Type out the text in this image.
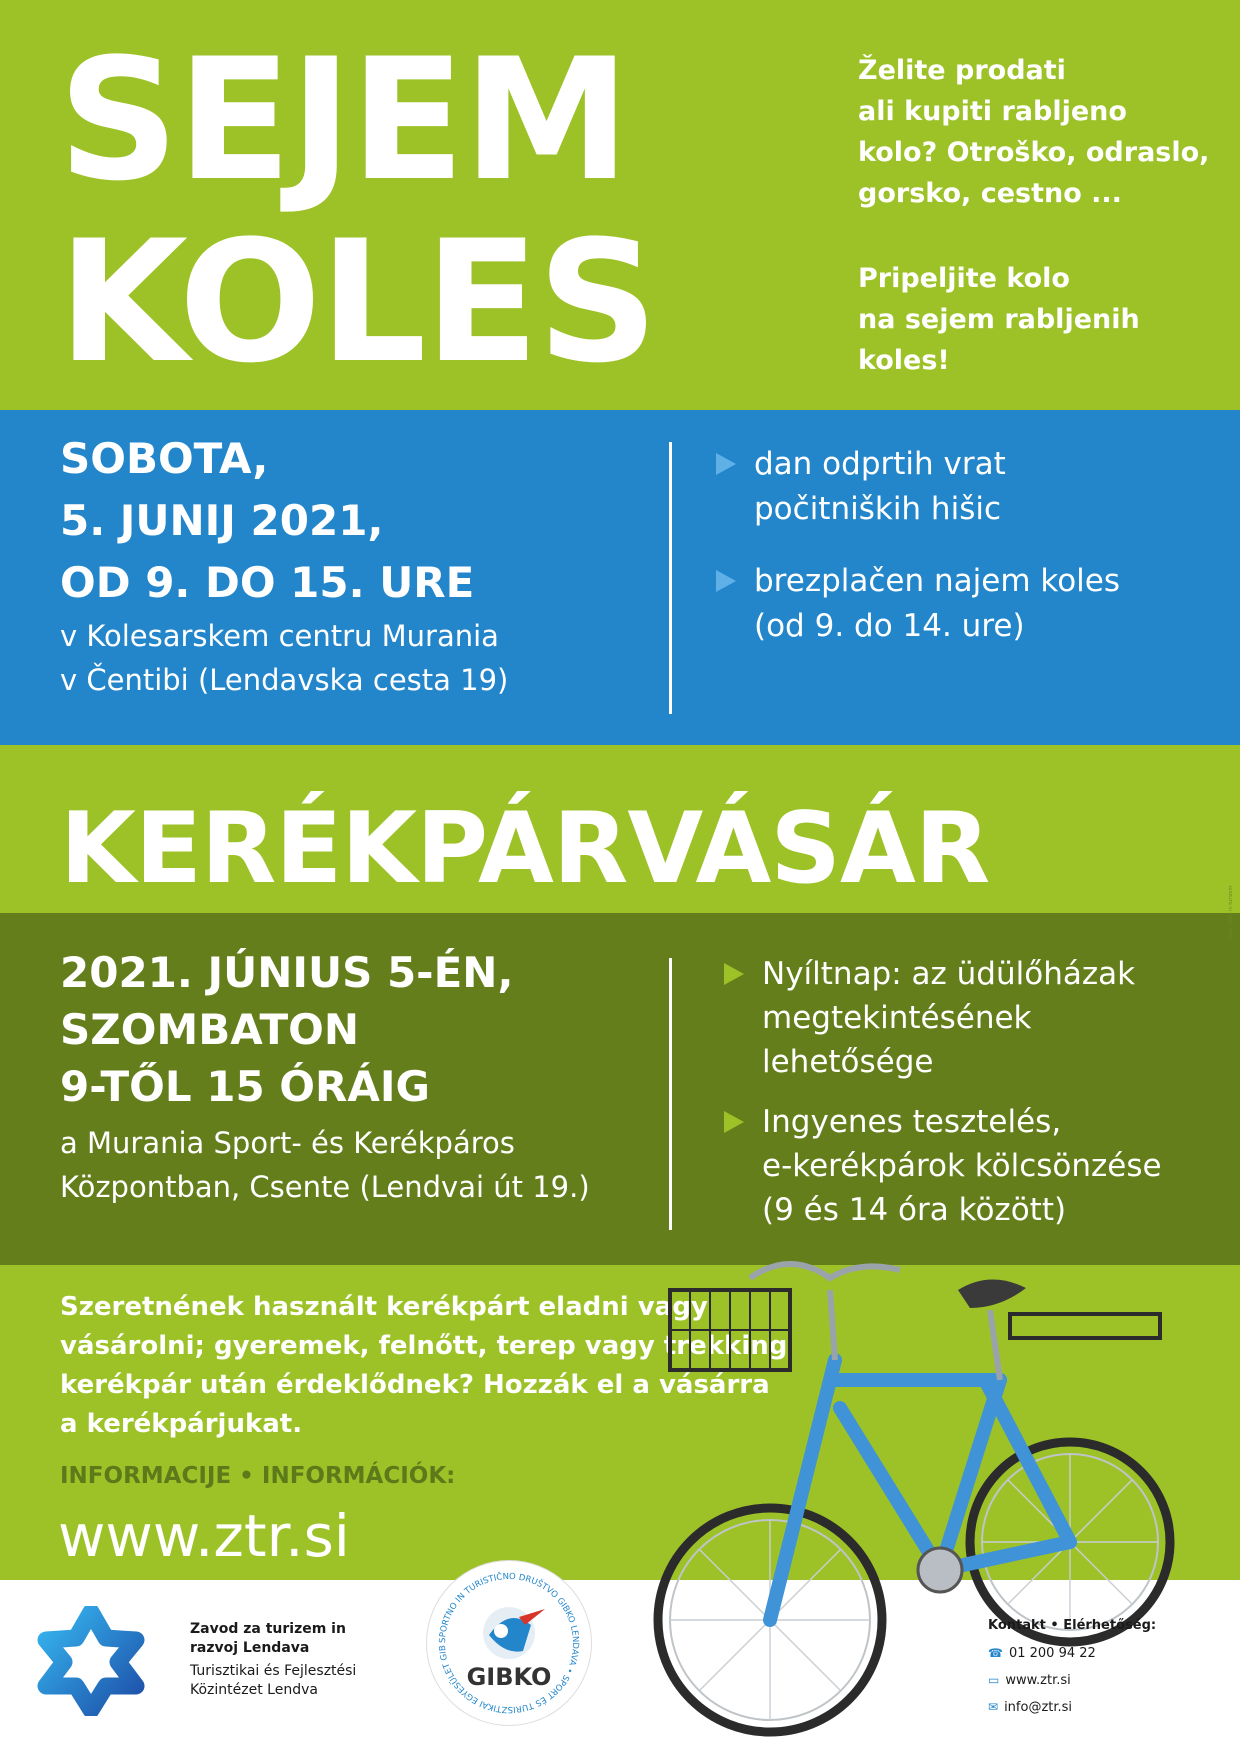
SEJEM
KOLES
Želite prodati
ali kupiti rabljeno
kolo? Otroško, odraslo,
gorsko, cestno ...
Pripeljite kolo
na sejem rabljenih
koles!
SOBOTA,
5. JUNIJ 2021,
OD 9. DO 15. URE
v Kolesarskem centru Murania
v Čentibi (Lendavska cesta 19)
dan odprtih vrat
počitniških hišic
brezplačen najem koles
(od 9. do 14. ure)
KERÉKPÁRVÁSÁR
2021. JÚNIUS 5-ÉN,
SZOMBATON
9-TŐL 15 ÓRÁIG
a Murania Sport- és Kerékpáros
Központban, Csente (Lendvai út 19.)
Nyíltnap: az üdülőházak
megtekintésének
lehetősége
Ingyenes tesztelés,
e-kerékpárok kölcsönzése
(9 és 14 óra között)
Foto: Sport in turizem
Szeretnének használt kerékpárt eladni vagy
vásárolni; gyeremek, felnőtt, terep vagy trekking
kerékpár után érdeklődnek? Hozzák el a vásárra
a kerékpárjukat.
INFORMACIJE • INFORMÁCIÓK:
www.ztr.si
Zavod za turizem in
razvoj Lendava
Turisztikai és Fejlesztési
Közintézet Lendva
SPORTNO IN TURISTIČNO DRUŠTVO GIBKO LENDAVA • SPORT ÉS TURISZTIKAI EGYESÜLET GIB
GIBKO
Kontakt • Elérhetőség:
☎ 01 200 94 22
▭ www.ztr.si
✉ info@ztr.si
